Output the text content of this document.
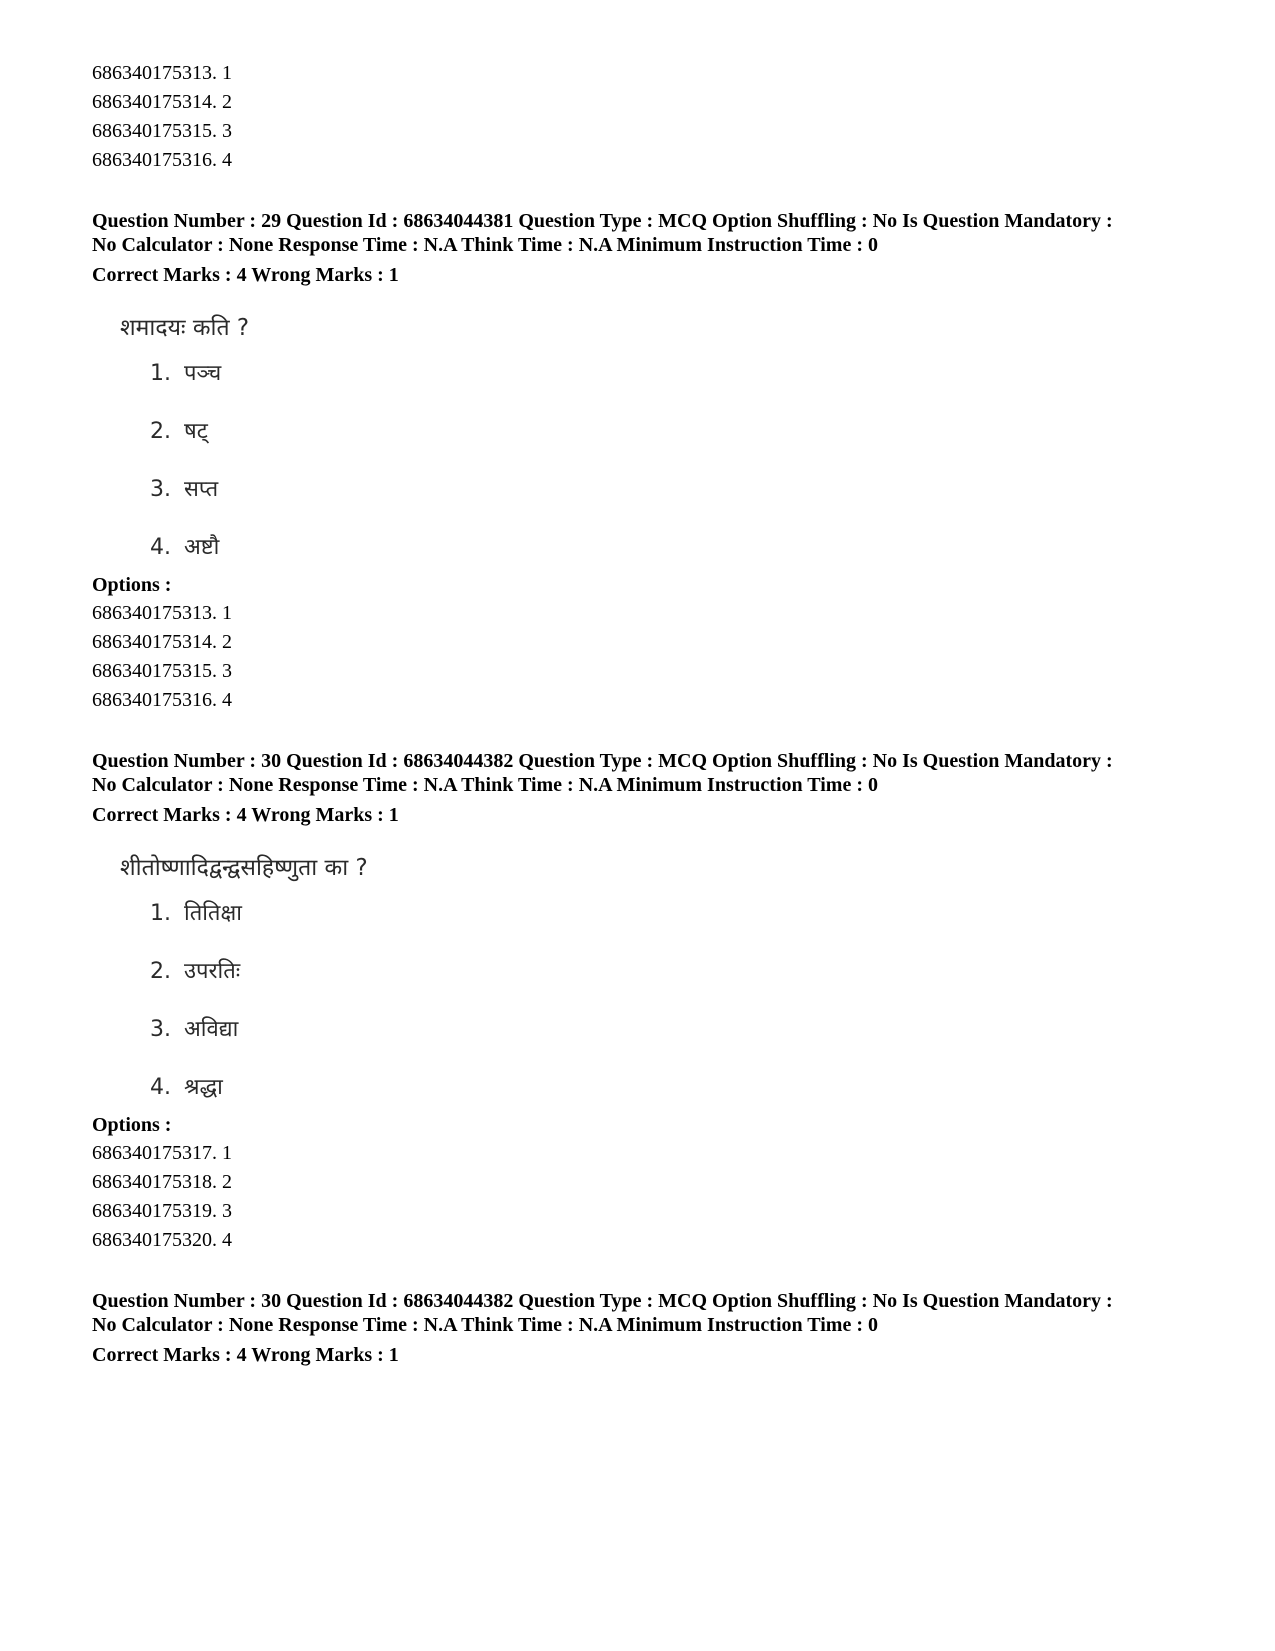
686340175313. 1
686340175314. 2
686340175315. 3
686340175316. 4
Question Number : 29 Question Id : 68634044381 Question Type : MCQ Option Shuffling : No Is Question Mandatory :
No Calculator : None Response Time : N.A Think Time : N.A Minimum Instruction Time : 0
Correct Marks : 4 Wrong Marks : 1
शमादयः कति ?
1. पञ्च
2. षट्
3. सप्त
4. अष्टौ
Options :
686340175313. 1
686340175314. 2
686340175315. 3
686340175316. 4
Question Number : 30 Question Id : 68634044382 Question Type : MCQ Option Shuffling : No Is Question Mandatory :
No Calculator : None Response Time : N.A Think Time : N.A Minimum Instruction Time : 0
Correct Marks : 4 Wrong Marks : 1
शीतोष्णादिद्वन्द्वसहिष्णुता का ?
1. तितिक्षा
2. उपरतिः
3. अविद्या
4. श्रद्धा
Options :
686340175317. 1
686340175318. 2
686340175319. 3
686340175320. 4
Question Number : 30 Question Id : 68634044382 Question Type : MCQ Option Shuffling : No Is Question Mandatory :
No Calculator : None Response Time : N.A Think Time : N.A Minimum Instruction Time : 0
Correct Marks : 4 Wrong Marks : 1
